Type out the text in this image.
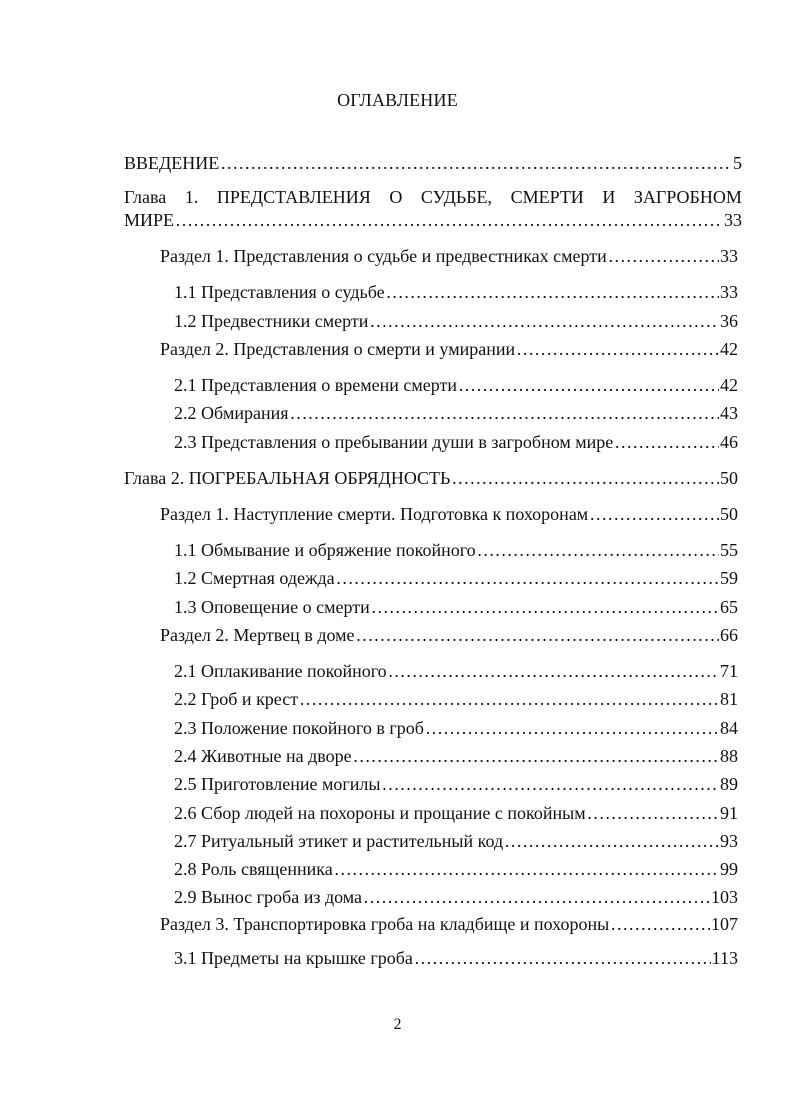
ОГЛАВЛЕНИЕ
ВВЕДЕНИЕ …………………………………………………………………………………………………………………………………………………………………	5
Глава 1. ПРЕДСТАВЛЕНИЯ О СУДЬБЕ, СМЕРТИ И ЗАГРОБНОМ
МИРЕ …………………………………………………………………………………………………………………………………………………………………	33
Раздел 1. Представления о судьбе и предвестниках смерти …………………………………………………………………………………………………………………………………………………………………	33
1.1 Представления о судьбе …………………………………………………………………………………………………………………………………………………………………	33
1.2 Предвестники смерти …………………………………………………………………………………………………………………………………………………………………	36
Раздел 2. Представления о смерти и умирании …………………………………………………………………………………………………………………………………………………………………	42
2.1 Представления о времени смерти …………………………………………………………………………………………………………………………………………………………………	42
2.2 Обмирания …………………………………………………………………………………………………………………………………………………………………	43
2.3 Представления о пребывании души в загробном мире …………………………………………………………………………………………………………………………………………………………………	46
Глава 2. ПОГРЕБАЛЬНАЯ ОБРЯДНОСТЬ …………………………………………………………………………………………………………………………………………………………………	50
Раздел 1. Наступление смерти. Подготовка к похоронам …………………………………………………………………………………………………………………………………………………………………	50
1.1 Обмывание и обряжение покойного …………………………………………………………………………………………………………………………………………………………………	55
1.2 Смертная одежда …………………………………………………………………………………………………………………………………………………………………	59
1.3 Оповещение о смерти …………………………………………………………………………………………………………………………………………………………………	65
Раздел 2. Мертвец в доме …………………………………………………………………………………………………………………………………………………………………	66
2.1 Оплакивание покойного …………………………………………………………………………………………………………………………………………………………………	71
2.2 Гроб и крест …………………………………………………………………………………………………………………………………………………………………	81
2.3 Положение покойного в гроб …………………………………………………………………………………………………………………………………………………………………	84
2.4 Животные на дворе …………………………………………………………………………………………………………………………………………………………………	88
2.5 Приготовление могилы …………………………………………………………………………………………………………………………………………………………………	89
2.6 Сбор людей на похороны и прощание с покойным …………………………………………………………………………………………………………………………………………………………………	91
2.7 Ритуальный этикет и растительный код …………………………………………………………………………………………………………………………………………………………………	93
2.8 Роль священника …………………………………………………………………………………………………………………………………………………………………	99
2.9 Вынос гроба из дома …………………………………………………………………………………………………………………………………………………………………	103
Раздел 3. Транспортировка гроба на кладбище и похороны …………………………………………………………………………………………………………………………………………………………………	107
3.1 Предметы на крышке гроба …………………………………………………………………………………………………………………………………………………………………	113
2
